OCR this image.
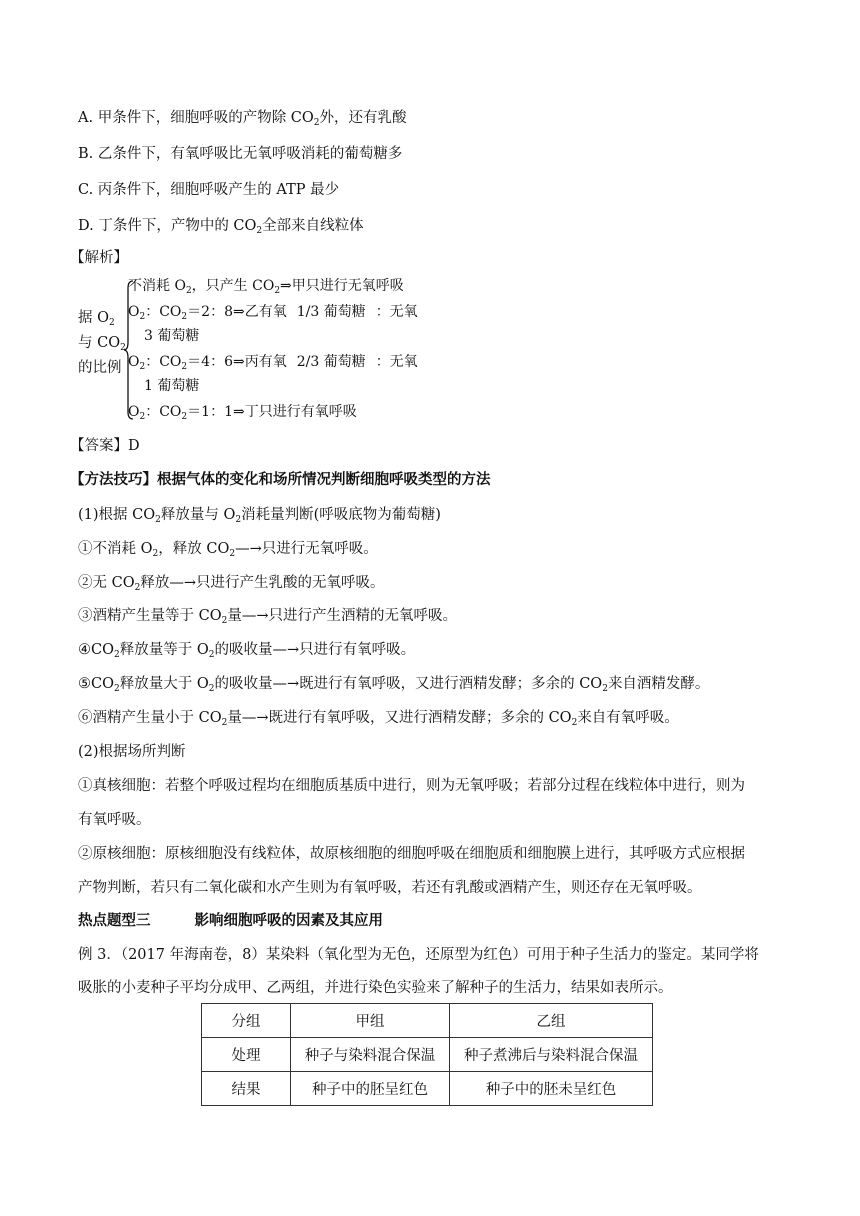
A. 甲条件下，细胞呼吸的产物除 $CO_2$外，还有乳酸
B. 乙条件下，有氧呼吸比无氧呼吸消耗的葡萄糖多
C. 丙条件下，细胞呼吸产生的 ATP 最少
D. 丁条件下，产物中的 $CO_2$全部来自线粒体
【解析】
据 $O_2$
与 $CO_2$
的比例
不消耗 $O_2$，只产生 $CO_2\Rightarrow$甲只进行无氧呼吸
$O_2$：$CO_2=2$：8⇒乙有氧 1/3 葡萄糖 ：无氧
3 葡萄糖
$O_2$：$CO_2=4$：6⇒丙有氧 2/3 葡萄糖 ：无氧
1 葡萄糖
$O_2$：$CO_2=1$：1⇒丁只进行有氧呼吸
【答案】D
【方法技巧】根据气体的变化和场所情况判断细胞呼吸类型的方法
(1)根据 $CO_2$释放量与 $O_2$消耗量判断(呼吸底物为葡萄糖)
①不消耗 $O_2$，释放 $CO_2—\to$只进行无氧呼吸。
②无 $CO_2$释放—→只进行产生乳酸的无氧呼吸。
③酒精产生量等于 $CO_2$量—→只进行产生酒精的无氧呼吸。
$④CO_2$释放量等于 $O_2$的吸收量—→只进行有氧呼吸。
$⑤CO_2$释放量大于 $O_2$的吸收量—→既进行有氧呼吸，又进行酒精发酵；多余的 $CO_2$来自酒精发酵。
⑥酒精产生量小于 $CO_2$量—→既进行有氧呼吸，又进行酒精发酵；多余的 $CO_2$来自有氧呼吸。
(2)根据场所判断
①真核细胞：若整个呼吸过程均在细胞质基质中进行，则为无氧呼吸；若部分过程在线粒体中进行，则为
有氧呼吸。
②原核细胞：原核细胞没有线粒体，故原核细胞的细胞呼吸在细胞质和细胞膜上进行，其呼吸方式应根据
产物判断，若只有二氧化碳和水产生则为有氧呼吸，若还有乳酸或酒精产生，则还存在无氧呼吸。
热点题型三	影响细胞呼吸的因素及其应用
例 3．（2017 年海南卷，8）某染料（氧化型为无色，还原型为红色）可用于种子生活力的鉴定。某同学将
吸胀的小麦种子平均分成甲、乙两组，并进行染色实验来了解种子的生活力，结果如表所示。
分组	甲组	乙组
处理	种子与染料混合保温	种子煮沸后与染料混合保温
结果	种子中的胚呈红色	种子中的胚未呈红色
